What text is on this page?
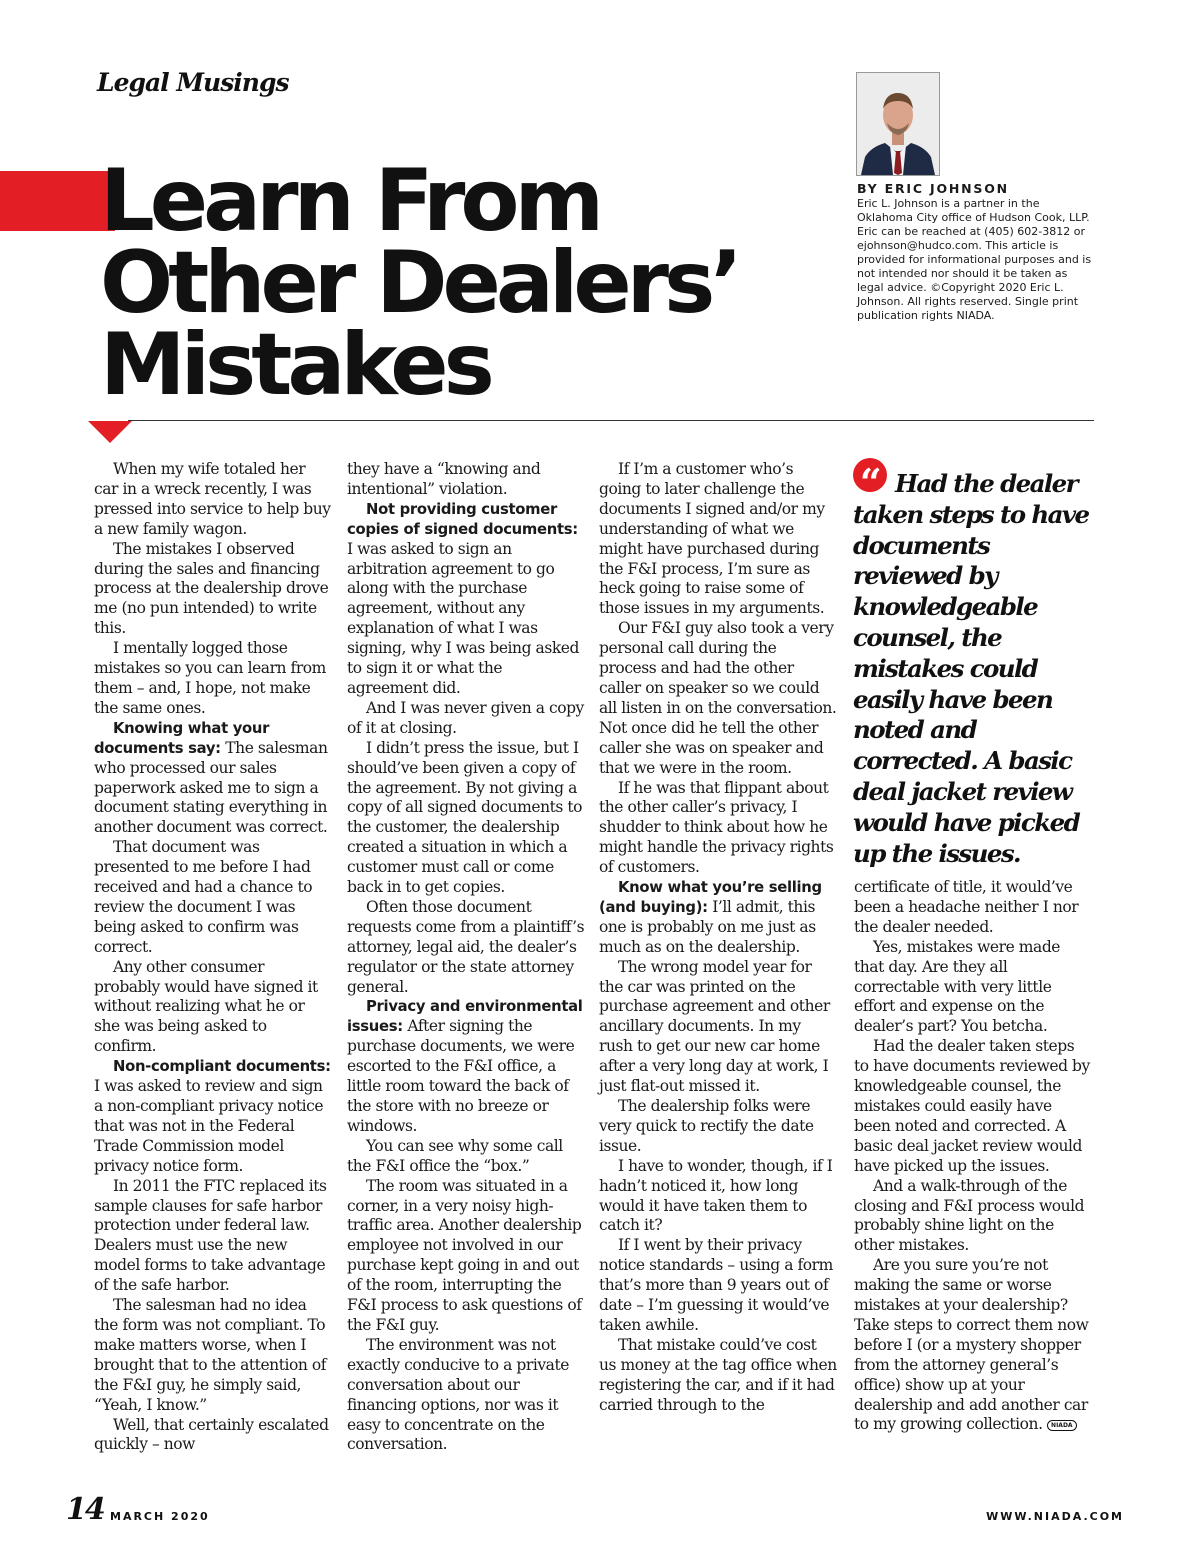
Legal Musings
Learn From
Other Dealers’
Mistakes
BY ERIC JOHNSON
Eric L. Johnson is a partner in the Oklahoma City office of Hudson Cook, LLP. Eric can be reached at (405) 602-3812 or ejohnson@hudco.com. This article is provided for informational purposes and is not intended nor should it be taken as legal advice. ©Copyright 2020 Eric L. Johnson. All rights reserved. Single print publication rights NIADA.

When my wife totaled her car in a wreck recently, I was pressed into service to help buy a new family wagon.

The mistakes I observed during the sales and financing process at the dealership drove me (no pun intended) to write this.

I mentally logged those mistakes so you can learn from them – and, I hope, not make the same ones.

Knowing what your documents say: The salesman who processed our sales paperwork asked me to sign a document stating everything in another document was correct.

That document was presented to me before I had received and had a chance to review the document I was being asked to confirm was correct.

Any other consumer probably would have signed it without realizing what he or she was being asked to confirm.

Non-compliant documents: I was asked to review and sign a non-compliant privacy notice that was not in the Federal Trade Commission model privacy notice form.

In 2011 the FTC replaced its sample clauses for safe harbor protection under federal law. Dealers must use the new model forms to take advantage of the safe harbor.

The salesman had no idea the form was not compliant. To make matters worse, when I brought that to the attention of the F&I guy, he simply said, “Yeah, I know.”

Well, that certainly escalated quickly – now

they have a “knowing and intentional” violation.

Not providing customer copies of signed documents: I was asked to sign an arbitration agreement to go along with the purchase agreement, without any explanation of what I was signing, why I was being asked to sign it or what the agreement did.

And I was never given a copy of it at closing.

I didn’t press the issue, but I should’ve been given a copy of the agreement. By not giving a copy of all signed documents to the customer, the dealership created a situation in which a customer must call or come back in to get copies.

Often those document requests come from a plaintiff’s attorney, legal aid, the dealer’s regulator or the state attorney general.

Privacy and environmental issues: After signing the purchase documents, we were escorted to the F&I office, a little room toward the back of the store with no breeze or windows.

You can see why some call the F&I office the “box.”

The room was situated in a corner, in a very noisy high-traffic area. Another dealership employee not involved in our purchase kept going in and out of the room, interrupting the F&I process to ask questions of the F&I guy.

The environment was not exactly conducive to a private conversation about our financing options, nor was it easy to concentrate on the conversation.

If I’m a customer who’s going to later challenge the documents I signed and/or my understanding of what we might have purchased during the F&I process, I’m sure as heck going to raise some of those issues in my arguments.

Our F&I guy also took a very personal call during the process and had the other caller on speaker so we could all listen in on the conversation. Not once did he tell the other caller she was on speaker and that we were in the room.

If he was that flippant about the other caller’s privacy, I shudder to think about how he might handle the privacy rights of customers.

Know what you’re selling (and buying): I’ll admit, this one is probably on me just as much as on the dealership.

The wrong model year for the car was printed on the purchase agreement and other ancillary documents. In my rush to get our new car home after a very long day at work, I just flat-out missed it.

The dealership folks were very quick to rectify the date issue.

I have to wonder, though, if I hadn’t noticed it, how long would it have taken them to catch it?

If I went by their privacy notice standards – using a form that’s more than 9 years out of date – I’m guessing it would’ve taken awhile.

That mistake could’ve cost us money at the tag office when registering the car, and if it had carried through to the

“ Had the dealer taken steps to have documents reviewed by knowledgeable counsel, the mistakes could easily have been noted and corrected. A basic deal jacket review would have picked up the issues.

certificate of title, it would’ve been a headache neither I nor the dealer needed.

Yes, mistakes were made that day. Are they all correctable with very little effort and expense on the dealer’s part? You betcha.

Had the dealer taken steps to have documents reviewed by knowledgeable counsel, the mistakes could easily have been noted and corrected. A basic deal jacket review would have picked up the issues.

And a walk-through of the closing and F&I process would probably shine light on the other mistakes.

Are you sure you’re not making the same or worse mistakes at your dealership? Take steps to correct them now before I (or a mystery shopper from the attorney general’s office) show up at your dealership and add another car to my growing collection. NIADA

14 MARCH 2020	WWW.NIADA.COM
